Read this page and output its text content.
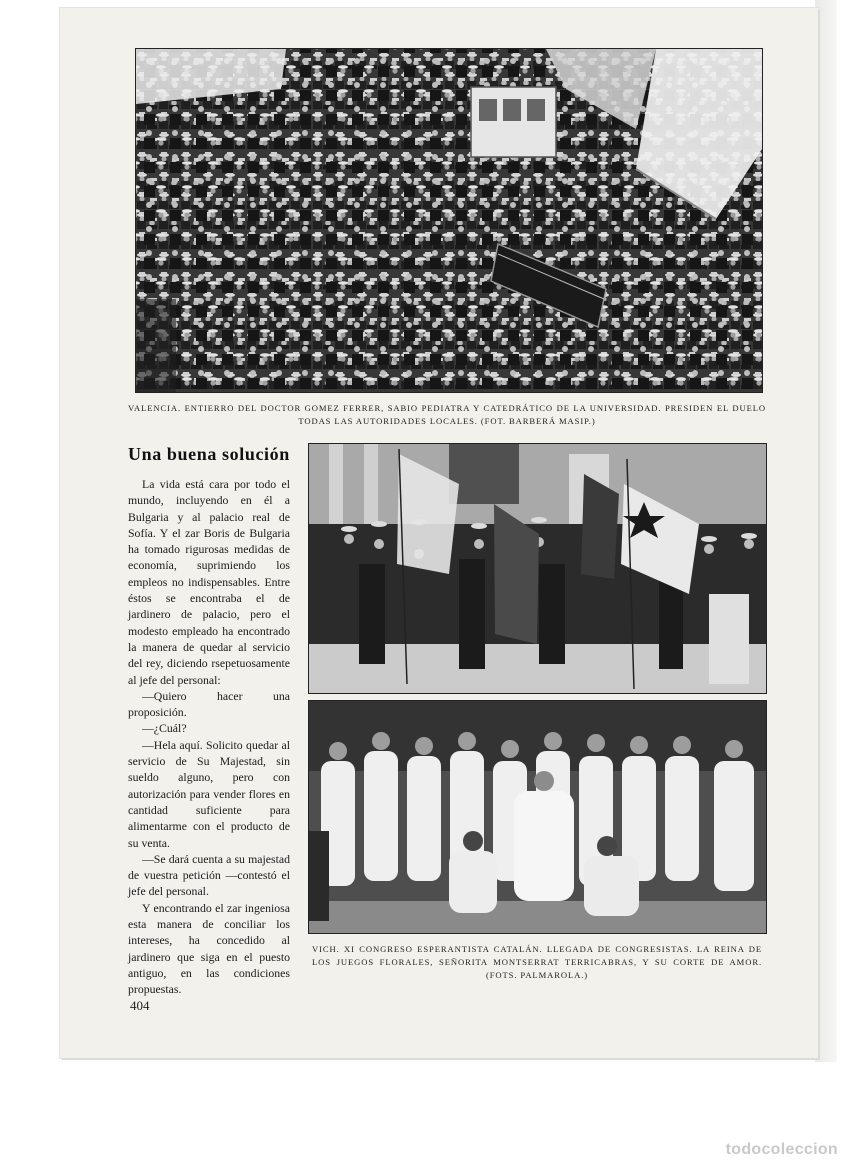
VALENCIA. ENTIERRO DEL DOCTOR GOMEZ FERRER, SABIO PEDIATRA Y CATEDRÁTICO DE LA UNIVERSIDAD. PRESIDEN EL DUELO TODAS LAS AUTORIDADES LOCALES. (FOT. BARBERÁ MASIP.)

Una buena solución

La vida está cara por todo el mundo, incluyendo en él a Bulgaria y al palacio real de Sofía. Y el zar Boris de Bulgaria ha tomado rigurosas medidas de economía, suprimiendo los empleos no indispensables. Entre éstos se encontraba el de jardinero de palacio, pero el modesto empleado ha encontrado la manera de quedar al servicio del rey, diciendo rsepetuosamente al jefe del personal:

—Quiero hacer una proposición.

—¿Cuál?

—Hela aquí. Solicito quedar al servicio de Su Majestad, sin sueldo alguno, pero con autorización para vender flores en cantidad suficiente para alimentarme con el producto de su venta.

—Se dará cuenta a su majestad de vuestra petición —contestó el jefe del personal.

Y encontrando el zar ingeniosa esta manera de conciliar los intereses, ha concedido al jardinero que siga en el puesto antiguo, en las condiciones propuestas.

VICH. XI CONGRESO ESPERANTISTA CATALÁN. LLEGADA DE CONGRESISTAS. LA REINA DE LOS JUEGOS FLORALES, SEÑORITA MONTSERRAT TERRICABRAS, Y SU CORTE DE AMOR. (FOTS. PALMAROLA.)

404

todocoleccion
